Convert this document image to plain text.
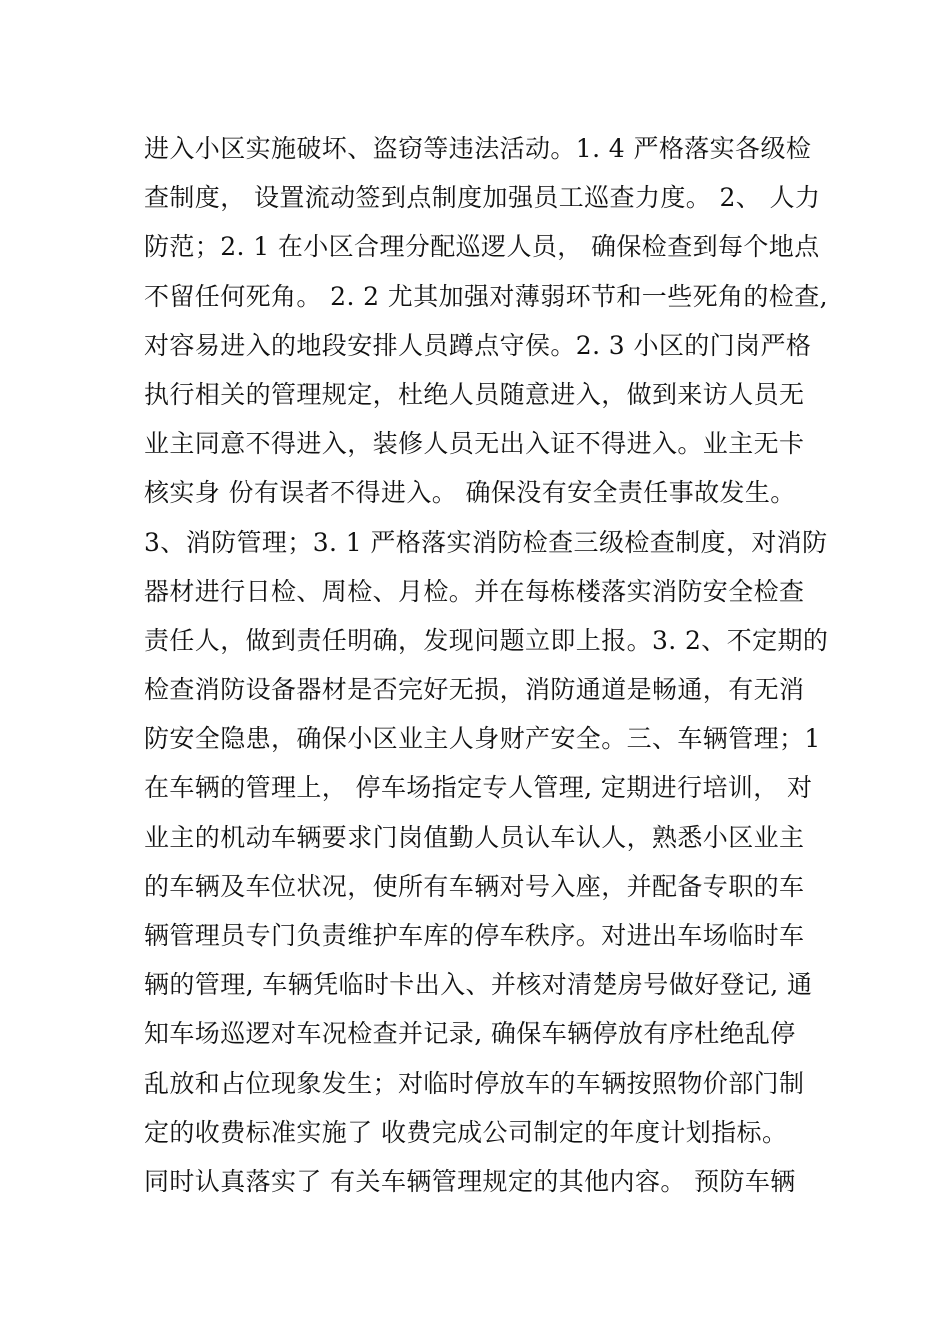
进入小区实施破坏、盗窃等违法活动。1. 4 严格落实各级检
查制度， 设置流动签到点制度加强员工巡查力度。 2、 人力
防范；2. 1 在小区合理分配巡逻人员， 确保检查到每个地点
不留任何死角。 2. 2 尤其加强对薄弱环节和一些死角的检查,
对容易进入的地段安排人员蹲点守侯。2. 3 小区的门岗严格
执行相关的管理规定，杜绝人员随意进入，做到来访人员无
业主同意不得进入，装修人员无出入证不得进入。业主无卡
核实身 份有误者不得进入。 确保没有安全责任事故发生。
3、消防管理；3. 1 严格落实消防检查三级检查制度，对消防
器材进行日检、周检、月检。并在每栋楼落实消防安全检查
责任人，做到责任明确，发现问题立即上报。3. 2、不定期的
检查消防设备器材是否完好无损，消防通道是畅通，有无消
防安全隐患，确保小区业主人身财产安全。三、车辆管理；1
在车辆的管理上， 停车场指定专人管理, 定期进行培训， 对
业主的机动车辆要求门岗值勤人员认车认人，熟悉小区业主
的车辆及车位状况，使所有车辆对号入座，并配备专职的车
辆管理员专门负责维护车库的停车秩序。对进出车场临时车
辆的管理, 车辆凭临时卡出入、并核对清楚房号做好登记, 通
知车场巡逻对车况检查并记录, 确保车辆停放有序杜绝乱停
乱放和占位现象发生；对临时停放车的车辆按照物价部门制
定的收费标准实施了 收费完成公司制定的年度计划指标。
同时认真落实了 有关车辆管理规定的其他内容。 预防车辆
